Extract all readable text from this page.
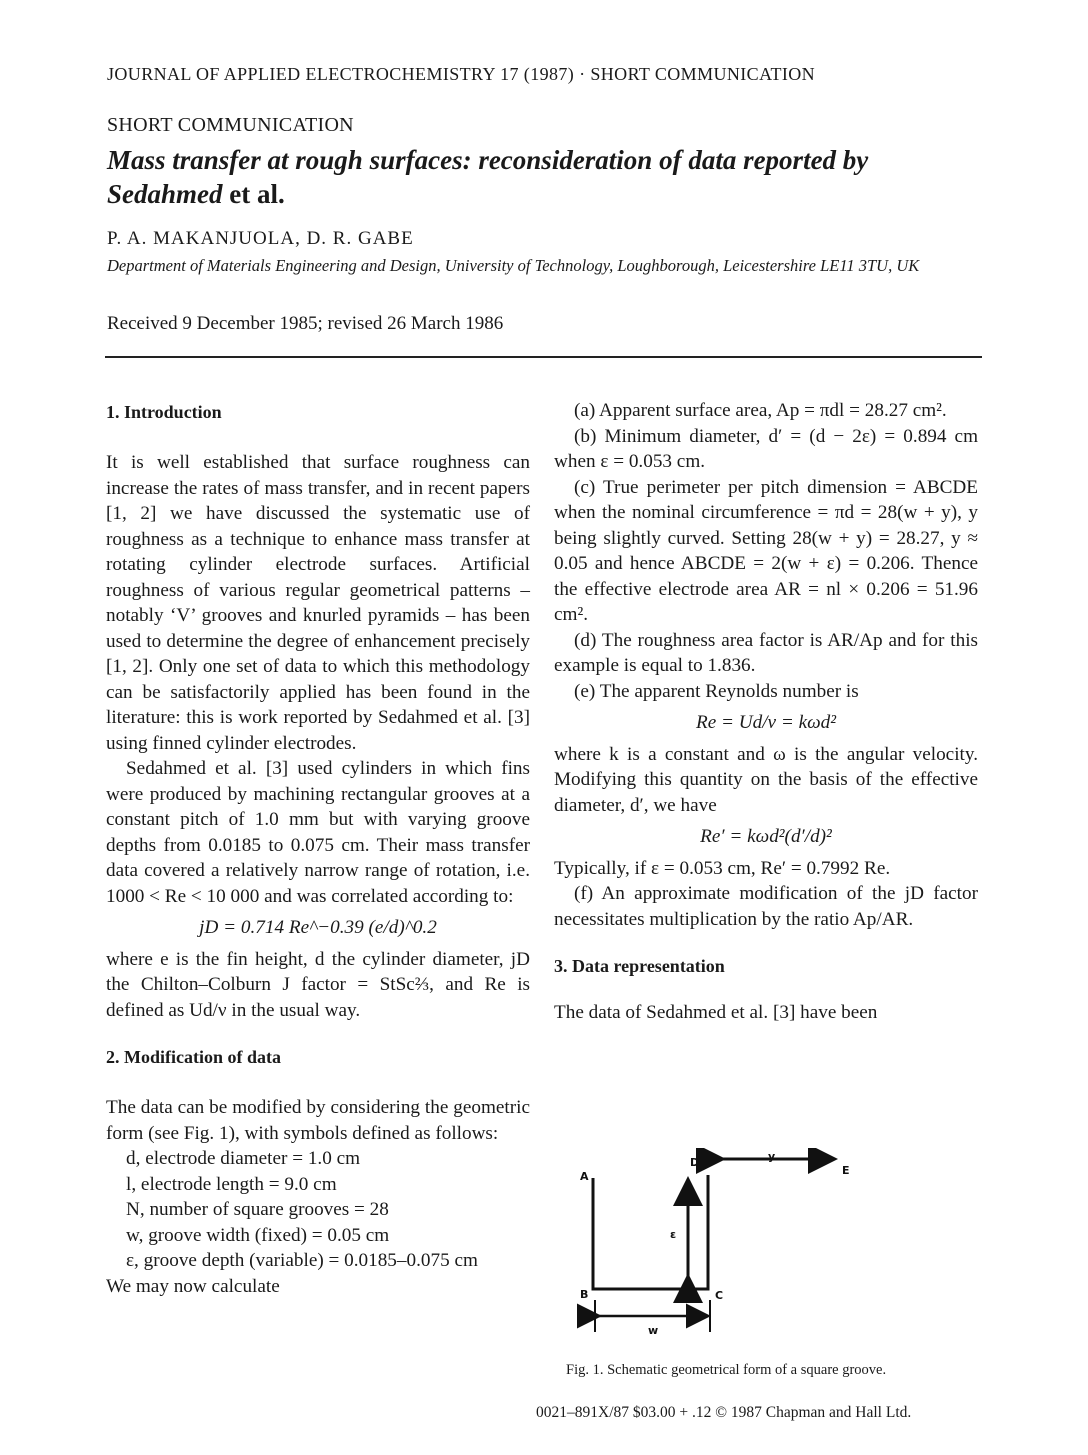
JOURNAL OF APPLIED ELECTROCHEMISTRY 17 (1987) · SHORT COMMUNICATION
SHORT COMMUNICATION
Mass transfer at rough surfaces: reconsideration of data reported by Sedahmed et al.
P. A. MAKANJUOLA, D. R. GABE
Department of Materials Engineering and Design, University of Technology, Loughborough, Leicestershire LE11 3TU, UK
Received 9 December 1985; revised 26 March 1986
1. Introduction

It is well established that surface roughness can increase the rates of mass transfer, and in recent papers [1, 2] we have discussed the systematic use of roughness as a technique to enhance mass transfer at rotating cylinder electrode surfaces. Artificial roughness of various regular geometrical patterns – notably ‘V’ grooves and knurled pyramids – has been used to determine the degree of enhancement precisely [1, 2]. Only one set of data to which this methodology can be satisfactorily applied has been found in the literature: this is work reported by Sedahmed et al. [3] using finned cylinder electrodes.

Sedahmed et al. [3] used cylinders in which fins were produced by machining rectangular grooves at a constant pitch of 1.0 mm but with varying groove depths from 0.0185 to 0.075 cm. Their mass transfer data covered a relatively narrow range of rotation, i.e. 1000 < Re < 10 000 and was correlated according to:

jD = 0.714 Re^−0.39 (e/d)^0.2

where e is the fin height, d the cylinder diameter, jD the Chilton–Colburn J factor = StSc⅔, and Re is defined as Ud/ν in the usual way.

2. Modification of data

The data can be modified by considering the geometric form (see Fig. 1), with symbols defined as follows:

d, electrode diameter = 1.0 cm
l, electrode length = 9.0 cm
N, number of square grooves = 28
w, groove width (fixed) = 0.05 cm
ε, groove depth (variable) = 0.0185–0.075 cm

We may now calculate

(a) Apparent surface area, Ap = πdl = 28.27 cm².

(b) Minimum diameter, d′ = (d − 2ε) = 0.894 cm when ε = 0.053 cm.

(c) True perimeter per pitch dimension = ABCDE when the nominal circumference = πd = 28(w + y), y being slightly curved. Setting 28(w + y) = 28.27, y ≈ 0.05 and hence ABCDE = 2(w + ε) = 0.206. Thence the effective electrode area AR = nl × 0.206 = 51.96 cm².

(d) The roughness area factor is AR/Ap and for this example is equal to 1.836.

(e) The apparent Reynolds number is

Re = Ud/ν = kωd²

where k is a constant and ω is the angular velocity. Modifying this quantity on the basis of the effective diameter, d′, we have

Re′ = kωd²(d′/d)²

Typically, if ε = 0.053 cm, Re′ = 0.7992 Re.

(f) An approximate modification of the jD factor necessitates multiplication by the ratio Ap/AR.

3. Data representation

The data of Sedahmed et al. [3] have been

A
B	C
D
E
y
ε
w
Fig. 1. Schematic geometrical form of a square groove.
0021–891X/87 $03.00 + .12 © 1987 Chapman and Hall Ltd.
